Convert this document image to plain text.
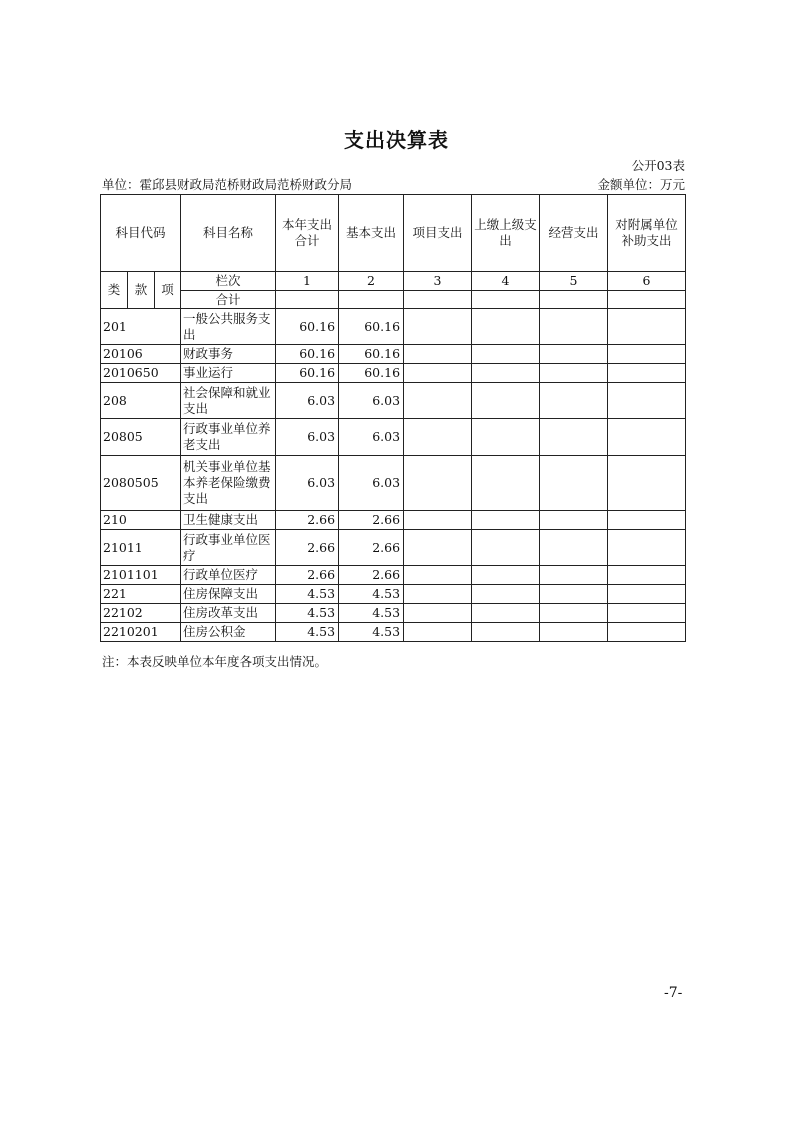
支出决算表
公开03表
单位：霍邱县财政局范桥财政局范桥财政分局	金额单位：万元
科目代码			科目名称	本年支出合计	基本支出	项目支出	上缴上级支出	经营支出	对附属单位补助支出
类	款	项	栏次	1	2	3	4	5	6
			合计						
201			一般公共服务支出	60.16	60.16				
20106			财政事务	60.16	60.16				
2010650			事业运行	60.16	60.16				
208			社会保障和就业支出	6.03	6.03				
20805			行政事业单位养老支出	6.03	6.03				
2080505			机关事业单位基本养老保险缴费支出	6.03	6.03				
210			卫生健康支出	2.66	2.66				
21011			行政事业单位医疗	2.66	2.66				
2101101			行政单位医疗	2.66	2.66				
221			住房保障支出	4.53	4.53				
22102			住房改革支出	4.53	4.53				
2210201			住房公积金	4.53	4.53				
注：本表反映单位本年度各项支出情况。
-7-
